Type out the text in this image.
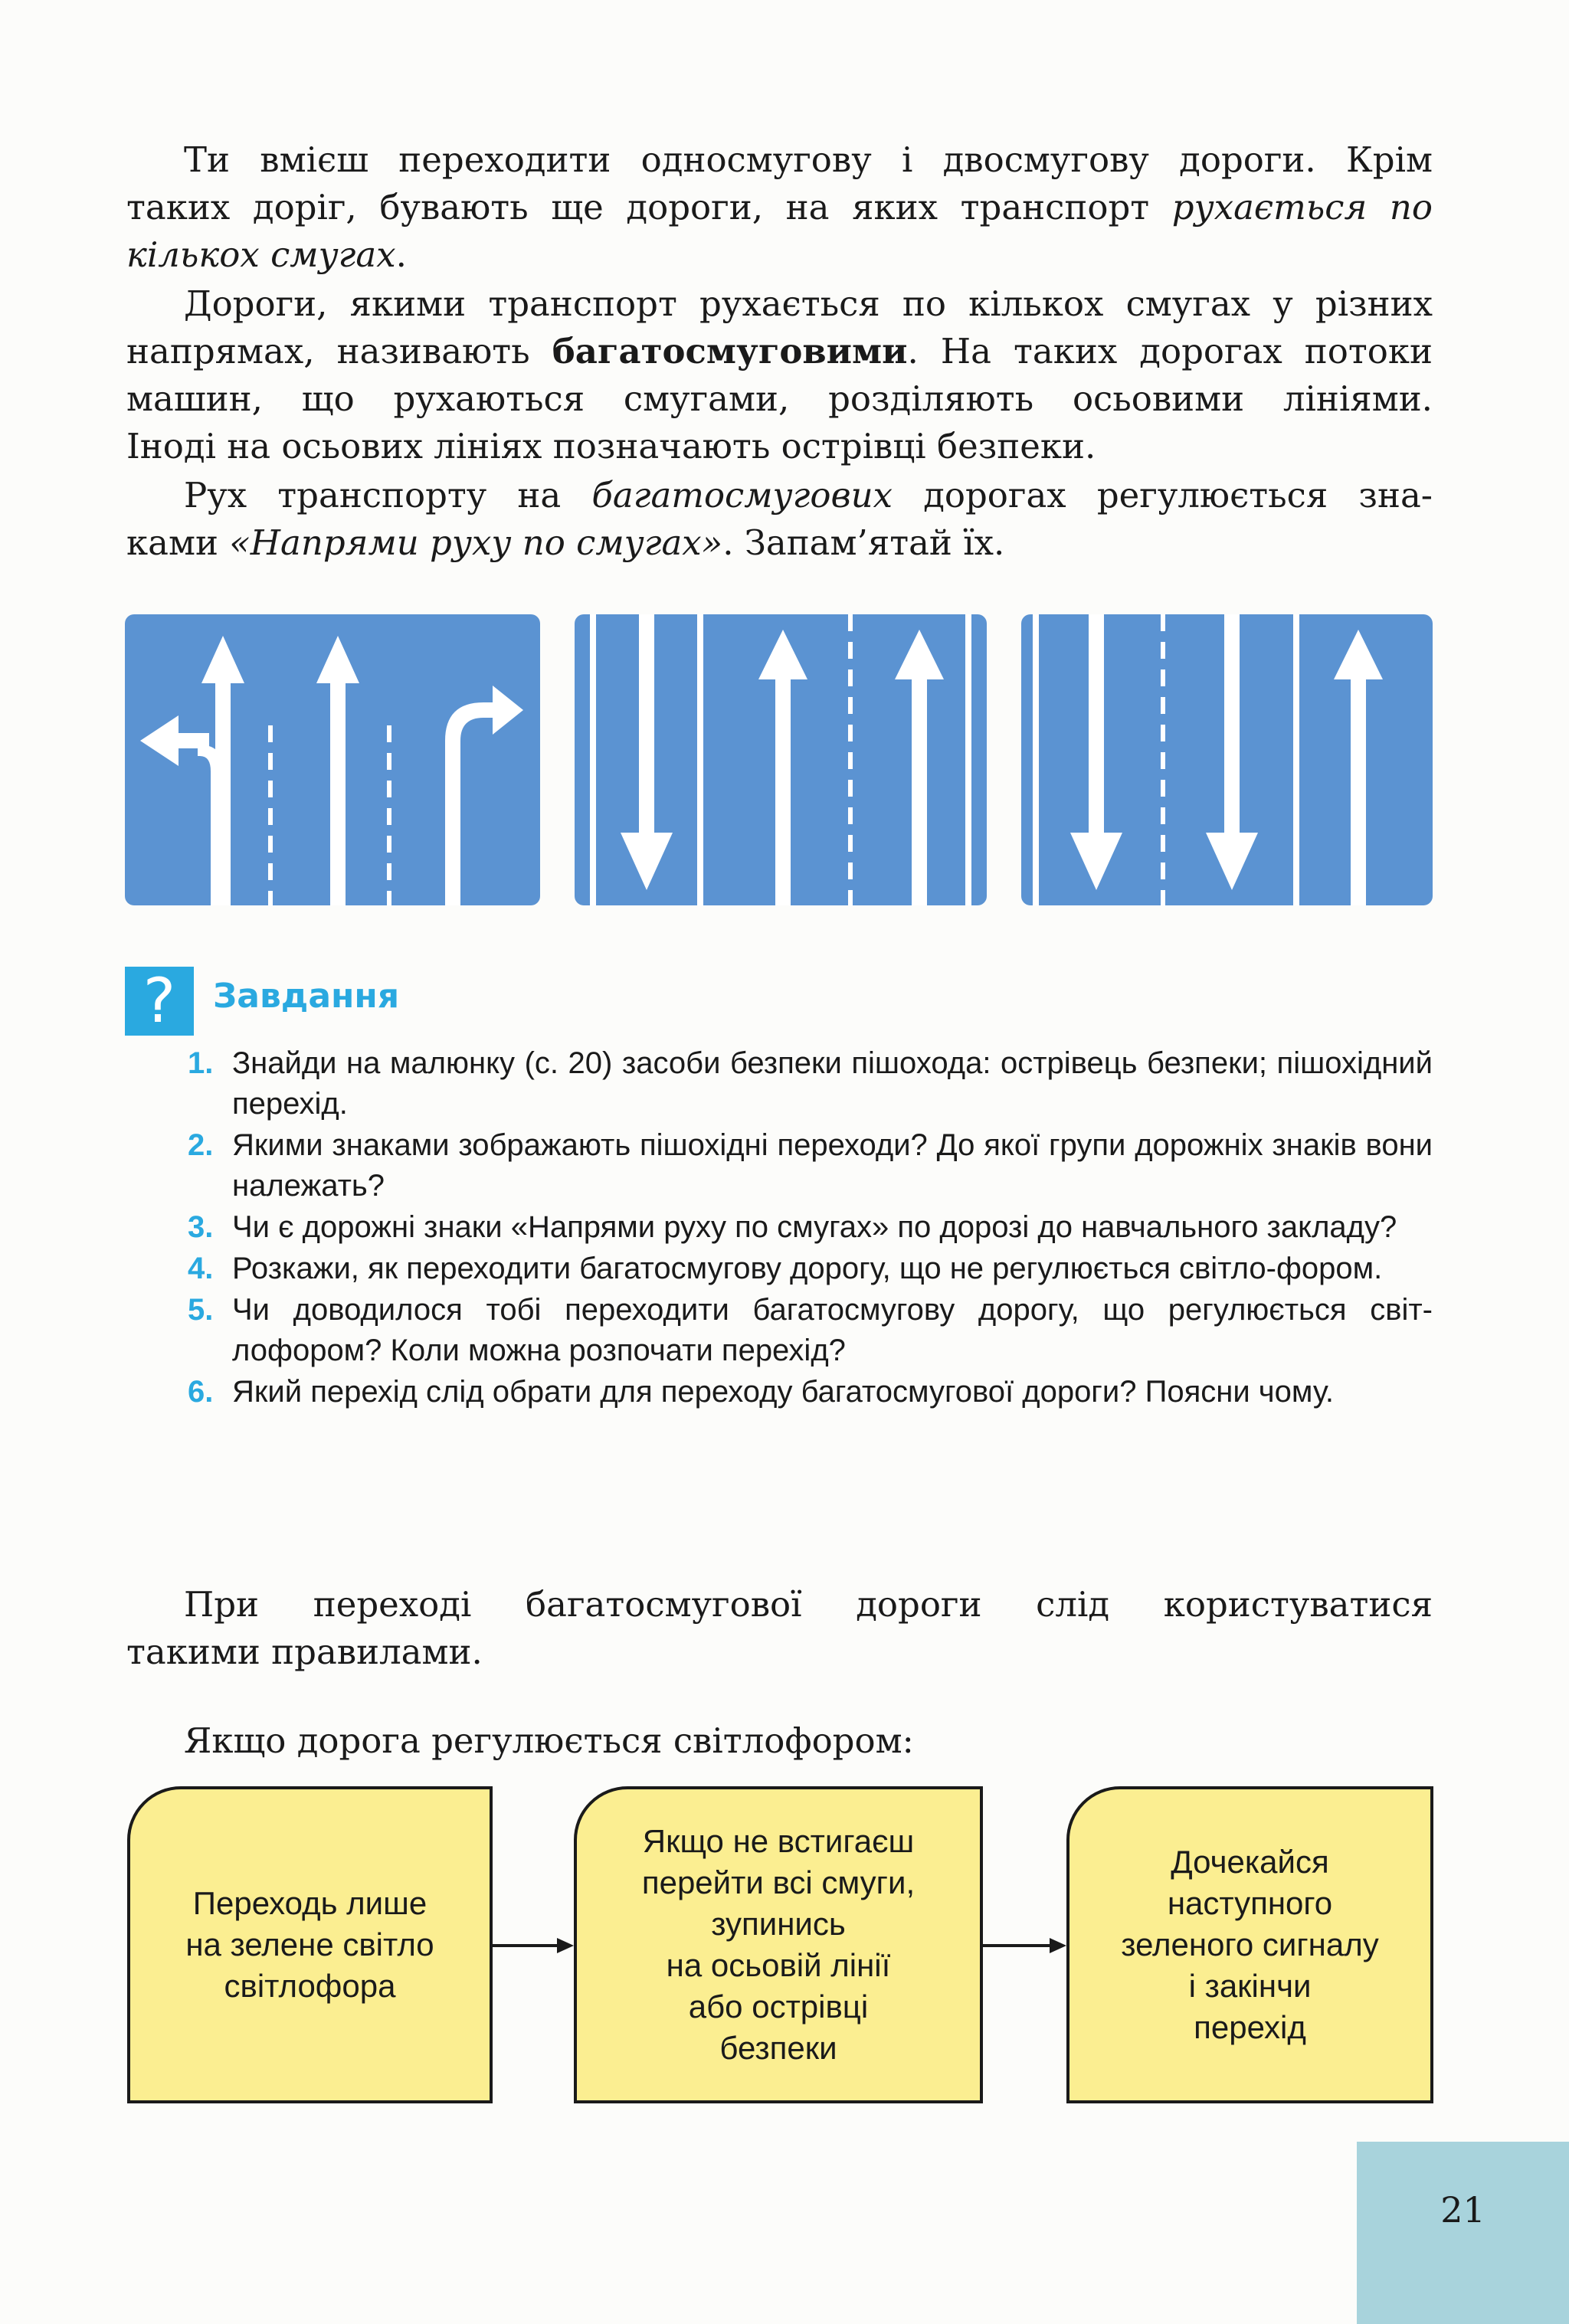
Ти вмієш переходити односмугову і двосмугову дороги. Крім
таких доріг, бувають ще дороги, на яких транспорт рухається по
кількох смугах.
Дороги, якими транспорт рухається по кількох смугах у різних
напрямах, називають багатосмуговими. На таких дорогах потоки
машин, що рухаються смугами, розділяють осьовими лініями.
Іноді на осьових лініях позначають острівці безпеки.
Рух транспорту на багатосмугових дорогах регулюється зна-
ками «Напрями руху по смугах». Запам’ятай їх.
?	Завдання
1. Знайди на малюнку (с. 20) засоби безпеки пішохода: острівець безпеки; пішохідний перехід.
2. Якими знаками зображають пішохідні переходи? До якої групи дорожніх знаків вони належать?
3. Чи є дорожні знаки «Напрями руху по смугах» по дорозі до навчального закладу?
4. Розкажи, як переходити багатосмугову дорогу, що не регулюється світло-фором.
5. Чи доводилося тобі переходити багатосмугову дорогу, що регулюється світ-лофором? Коли можна розпочати перехід?
6. Який перехід слід обрати для переходу багатосмугової дороги? Поясни чому.
При переході багатосмугової дороги слід користуватися
такими правилами.
Якщо дорога регулюється світлофором:
Переходь лише
на зелене світло
світлофора
Якщо не встигаєш
перейти всі смуги,
зупинись
на осьовій лінії
або острівці
безпеки
Дочекайся
наступного
зеленого сигналу
і закінчи
перехід
21
